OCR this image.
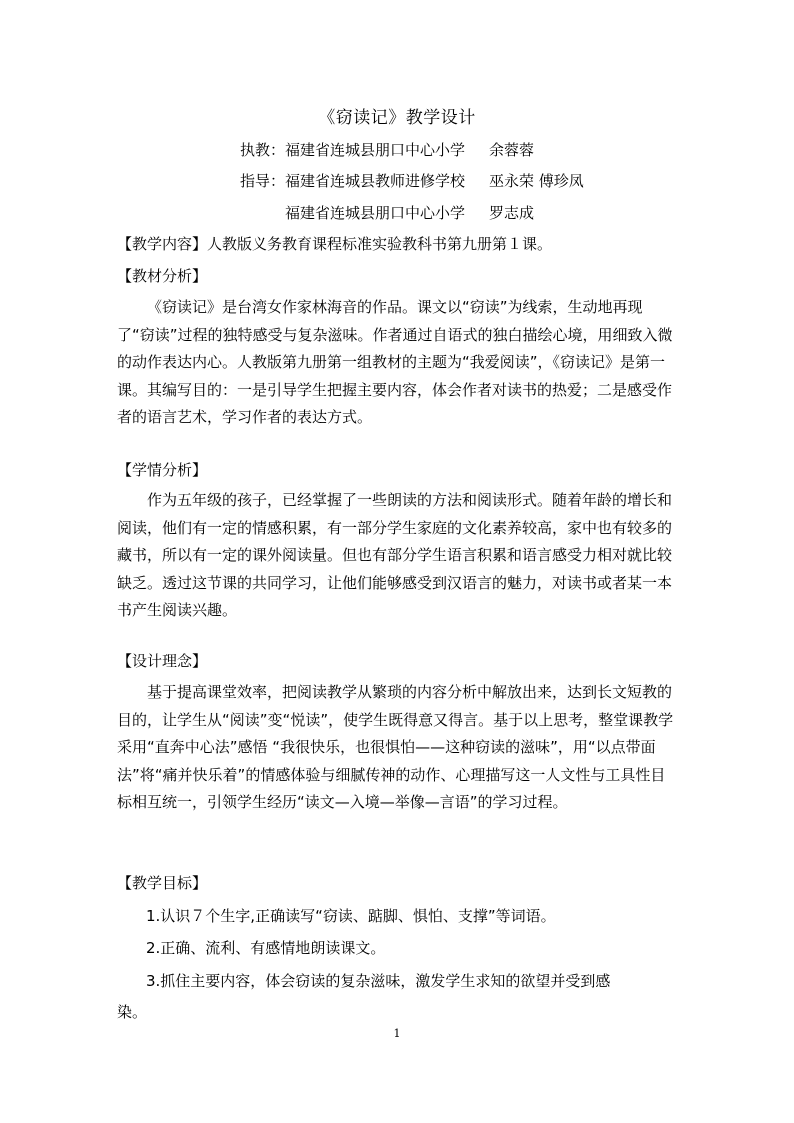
《窃读记》教学设计
执教：福建省连城县朋口中心小学 余蓉蓉
指导：福建省连城县教师进修学校 巫永荣 傅珍凤
福建省连城县朋口中心小学 罗志成
【教学内容】人教版义务教育课程标准实验教科书第九册第１课。
【教材分析】
《窃读记》是台湾女作家林海音的作品。课文以“窃读”为线索，生动地再现了“窃读”过程的独特感受与复杂滋味。作者通过自语式的独白描绘心境，用细致入微的动作表达内心。人教版第九册第一组教材的主题为“我爱阅读”，《窃读记》是第一课。其编写目的：一是引导学生把握主要内容，体会作者对读书的热爱；二是感受作者的语言艺术，学习作者的表达方式。
【学情分析】
作为五年级的孩子，已经掌握了一些朗读的方法和阅读形式。随着年龄的增长和阅读，他们有一定的情感积累，有一部分学生家庭的文化素养较高，家中也有较多的藏书，所以有一定的课外阅读量。但也有部分学生语言积累和语言感受力相对就比较缺乏。透过这节课的共同学习，让他们能够感受到汉语言的魅力，对读书或者某一本书产生阅读兴趣。
【设计理念】
基于提高课堂效率，把阅读教学从繁琐的内容分析中解放出来，达到长文短教的目的，让学生从“阅读”变“悦读”，使学生既得意又得言。基于以上思考，整堂课教学采用“直奔中心法”感悟 “我很快乐，也很惧怕——这种窃读的滋味”，用“以点带面法”将“痛并快乐着”的情感体验与细腻传神的动作、心理描写这一人文性与工具性目标相互统一，引领学生经历“读文—入境—举像—言语”的学习过程。
【教学目标】
1.认识７个生字,正确读写“窃读、踮脚、惧怕、支撑”等词语。
2.正确、流利、有感情地朗读课文。
3.抓住主要内容，体会窃读的复杂滋味，激发学生求知的欲望并受到感
染。
1
